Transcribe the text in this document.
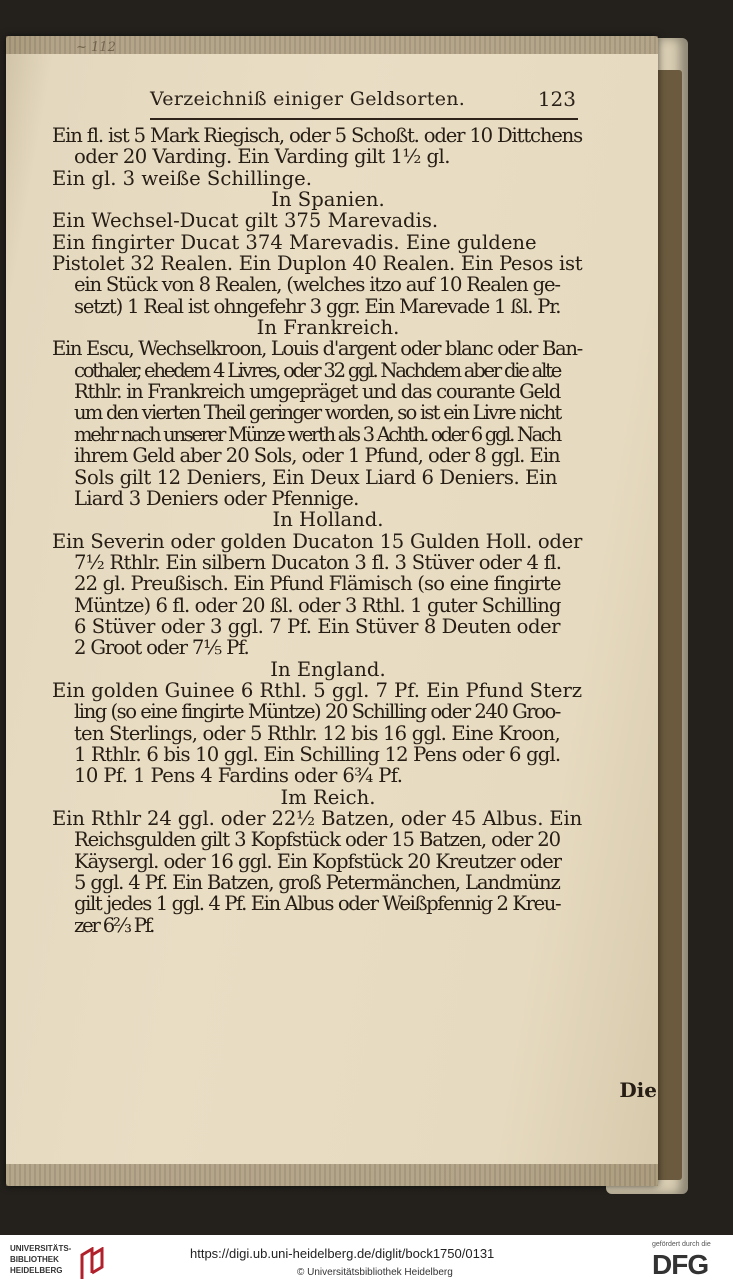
~ 112
Verzeichniß einiger Geldsorten.	123
Ein fl. ist 5 Mark Riegisch, oder 5 Schoßt. oder 10 Dittchens
oder 20 Varding. Ein Varding gilt 1½ gl.
Ein gl. 3 weiße Schillinge.
In Spanien.
Ein Wechsel-Ducat gilt 375 Marevadis.
Ein fingirter Ducat 374 Marevadis. Eine guldene
Pistolet 32 Realen. Ein Duplon 40 Realen. Ein Pesos ist
ein Stück von 8 Realen, (welches itzo auf 10 Realen ge-
setzt) 1 Real ist ohngefehr 3 ggr. Ein Marevade 1 ßl. Pr.
In Frankreich.
Ein Escu, Wechselkroon, Louis d'argent oder blanc oder Ban-
cothaler, ehedem 4 Livres, oder 32 ggl. Nachdem aber die alte
Rthlr. in Frankreich umgepräget und das courante Geld
um den vierten Theil geringer worden, so ist ein Livre nicht
mehr nach unserer Münze werth als 3 Achth. oder 6 ggl. Nach
ihrem Geld aber 20 Sols, oder 1 Pfund, oder 8 ggl. Ein
Sols gilt 12 Deniers, Ein Deux Liard 6 Deniers. Ein
Liard 3 Deniers oder Pfennige.
In Holland.
Ein Severin oder golden Ducaton 15 Gulden Holl. oder
7½ Rthlr. Ein silbern Ducaton 3 fl. 3 Stüver oder 4 fl.
22 gl. Preußisch. Ein Pfund Flämisch (so eine fingirte
Müntze) 6 fl. oder 20 ßl. oder 3 Rthl. 1 guter Schilling
6 Stüver oder 3 ggl. 7 Pf. Ein Stüver 8 Deuten oder
2 Groot oder 7⅕ Pf.
In England.
Ein golden Guinee 6 Rthl. 5 ggl. 7 Pf. Ein Pfund Sterz
ling (so eine fingirte Müntze) 20 Schilling oder 240 Groo-
ten Sterlings, oder 5 Rthlr. 12 bis 16 ggl. Eine Kroon,
1 Rthlr. 6 bis 10 ggl. Ein Schilling 12 Pens oder 6 ggl.
10 Pf. 1 Pens 4 Fardins oder 6¾ Pf.
Im Reich.
Ein Rthlr 24 ggl. oder 22½ Batzen, oder 45 Albus. Ein
Reichsgulden gilt 3 Kopfstück oder 15 Batzen, oder 20
Käysergl. oder 16 ggl. Ein Kopfstück 20 Kreutzer oder
5 ggl. 4 Pf. Ein Batzen, groß Petermänchen, Landmünz
gilt jedes 1 ggl. 4 Pf. Ein Albus oder Weißpfennig 2 Kreu-
zer 6⅔ Pf.
Die
UNIVERSITÄTS-
BIBLIOTHEK
HEIDELBERG
https://digi.ub.uni-heidelberg.de/diglit/bock1750/0131
© Universitätsbibliothek Heidelberg
gefördert durch die
DFG
